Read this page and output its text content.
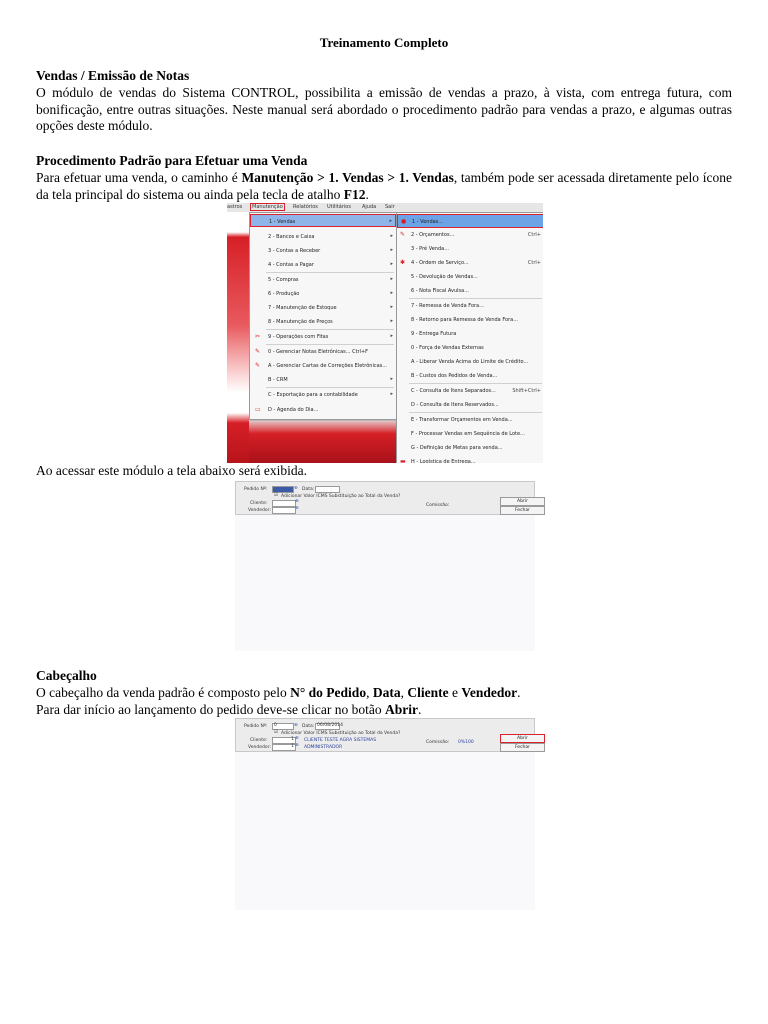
Treinamento Completo
Vendas / Emissão de Notas
O módulo de vendas do Sistema CONTROL, possibilita a emissão de vendas a prazo, à vista, com entrega futura, com bonificação, entre outras situações. Neste manual será abordado o procedimento padrão para vendas a prazo, e algumas outras opções deste módulo.
Procedimento Padrão para Efetuar uma Venda
Para efetuar uma venda, o caminho é Manutenção > 1. Vendas > 1. Vendas, também pode ser acessada diretamente pelo ícone da tela principal do sistema ou ainda pela tecla de atalho F12.
astros	Manutenção	Relatórios Utilitários Ajuda Sair
1 - Vendas	▸
2 - Bancos e Caixa	▸
3 - Contas a Receber	▸
4 - Contas a Pagar	▸
5 - Compras	▸
6 - Produção	▸
7 - Manutenção de Estoque	▸
8 - Manutenção de Preços	▸
✂ 9 - Operações com Fitas	▸
✎ 0 - Gerenciar Notas Eletrônicas... Ctrl+F
✎ A - Gerenciar Cartas de Correções Eletrônicas...
B - CRM	▸
C - Exportação para a contabilidade	▸
▭ D - Agenda do Dia...
● 1 - Vendas...
✎ 2 - Orçamentos...	Ctrl+
3 - Pré Venda...
✱ 4 - Ordem de Serviço...	Ctrl+
5 - Devolução de Vendas...
6 - Nota Fiscal Avulsa...
7 - Remessa de Venda Fora...
8 - Retorno para Remessa de Venda Fora...
9 - Entrega Futura
0 - Força de Vendas Externas
A - Liberar Venda Acima do Limite de Crédito...
B - Custos dos Pedidos de Venda...
C - Consulta de Itens Separados...	Shift+Ctrl+
D - Consulta de Itens Reservados...
E - Transformar Orçamentos em Venda...
F - Processar Vendas em Sequência de Lote...
G - Definição de Metas para venda...
▬ H - Logística de Entrega...
Ao acessar este módulo a tela abaixo será exibida.
Pedido Nº:	⊕ Data:
☑ Adicionar Valor ICMS Substituição ao Total da Venda?
Cliente:	⊕
Vendedor:	⊕
Comissão:
Abrir
Fechar
Cabeçalho
O cabeçalho da venda padrão é composto pelo N° do Pedido, Data, Cliente e Vendedor.
Para dar início ao lançamento do pedido deve-se clicar no botão Abrir.
Pedido Nº: 0	⊕ Data: 06/08/2014
☑ Adicionar Valor ICMS Substituição ao Total da Venda?
Cliente:	1 ⊕ CLIENTE TESTE AGRA SISTEMAS
Vendedor:	1 ⊕ ADMINISTRADOR
Comissão: 0%100
Abrir
Fechar
